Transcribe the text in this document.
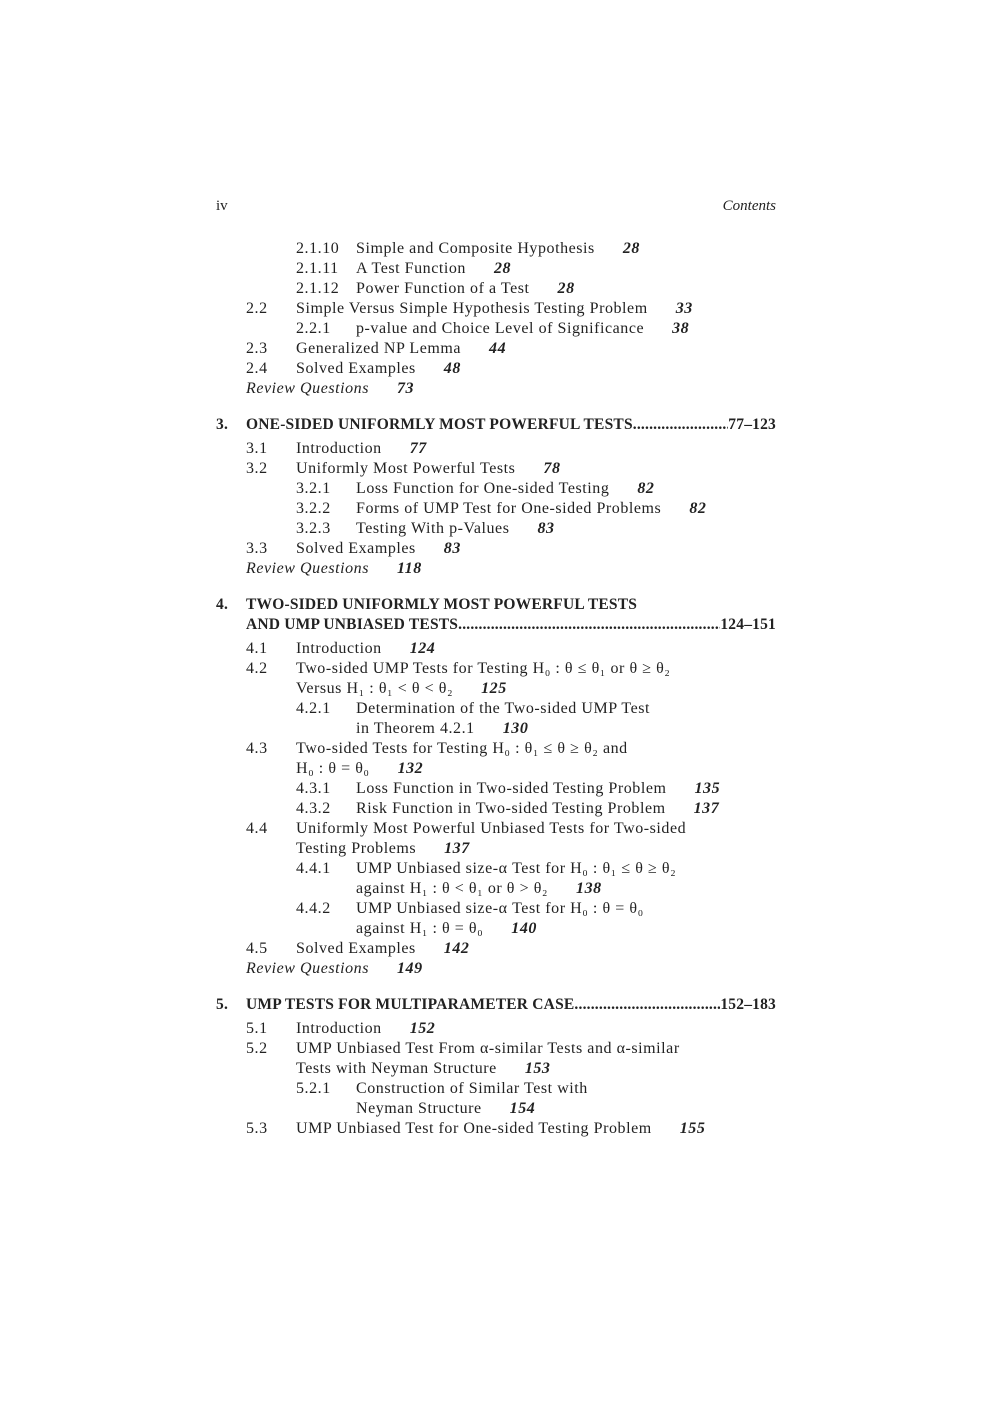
iv	Contents
2.1.10 Simple and Composite Hypothesis 28
2.1.11 A Test Function 28
2.1.12 Power Function of a Test 28
2.2 Simple Versus Simple Hypothesis Testing Problem 33
2.2.1 p-value and Choice Level of Significance 38
2.3 Generalized NP Lemma 44
2.4 Solved Examples 48
Review Questions 73
3. ONE-SIDED UNIFORMLY MOST POWERFUL TESTS .....	77–123
3.1 Introduction 77
3.2 Uniformly Most Powerful Tests 78
3.2.1 Loss Function for One-sided Testing 82
3.2.2 Forms of UMP Test for One-sided Problems 82
3.2.3 Testing With p-Values 83
3.3 Solved Examples 83
Review Questions 118
4. TWO-SIDED UNIFORMLY MOST POWERFUL TESTS
AND UMP UNBIASED TESTS .....	124–151
4.1 Introduction 124
4.2 Two-sided UMP Tests for Testing H₀ : θ ≤ θ₁ or θ ≥ θ₂
Versus H₁ : θ₁ < θ < θ₂ 125
4.2.1 Determination of the Two-sided UMP Test
in Theorem 4.2.1 130
4.3 Two-sided Tests for Testing H₀ : θ₁ ≤ θ ≥ θ₂ and
H₀ : θ = θ₀ 132
4.3.1 Loss Function in Two-sided Testing Problem 135
4.3.2 Risk Function in Two-sided Testing Problem 137
4.4 Uniformly Most Powerful Unbiased Tests for Two-sided
Testing Problems 137
4.4.1 UMP Unbiased size-α Test for H₀ : θ₁ ≤ θ ≥ θ₂
against H₁ : θ < θ₁ or θ > θ₂ 138
4.4.2 UMP Unbiased size-α Test for H₀ : θ = θ₀
against H₁ : θ = θ₀ 140
4.5 Solved Examples 142
Review Questions 149
5. UMP TESTS FOR MULTIPARAMETER CASE .....	152–183
5.1 Introduction 152
5.2 UMP Unbiased Test From α-similar Tests and α-similar
Tests with Neyman Structure 153
5.2.1 Construction of Similar Test with
Neyman Structure 154
5.3 UMP Unbiased Test for One-sided Testing Problem 155
